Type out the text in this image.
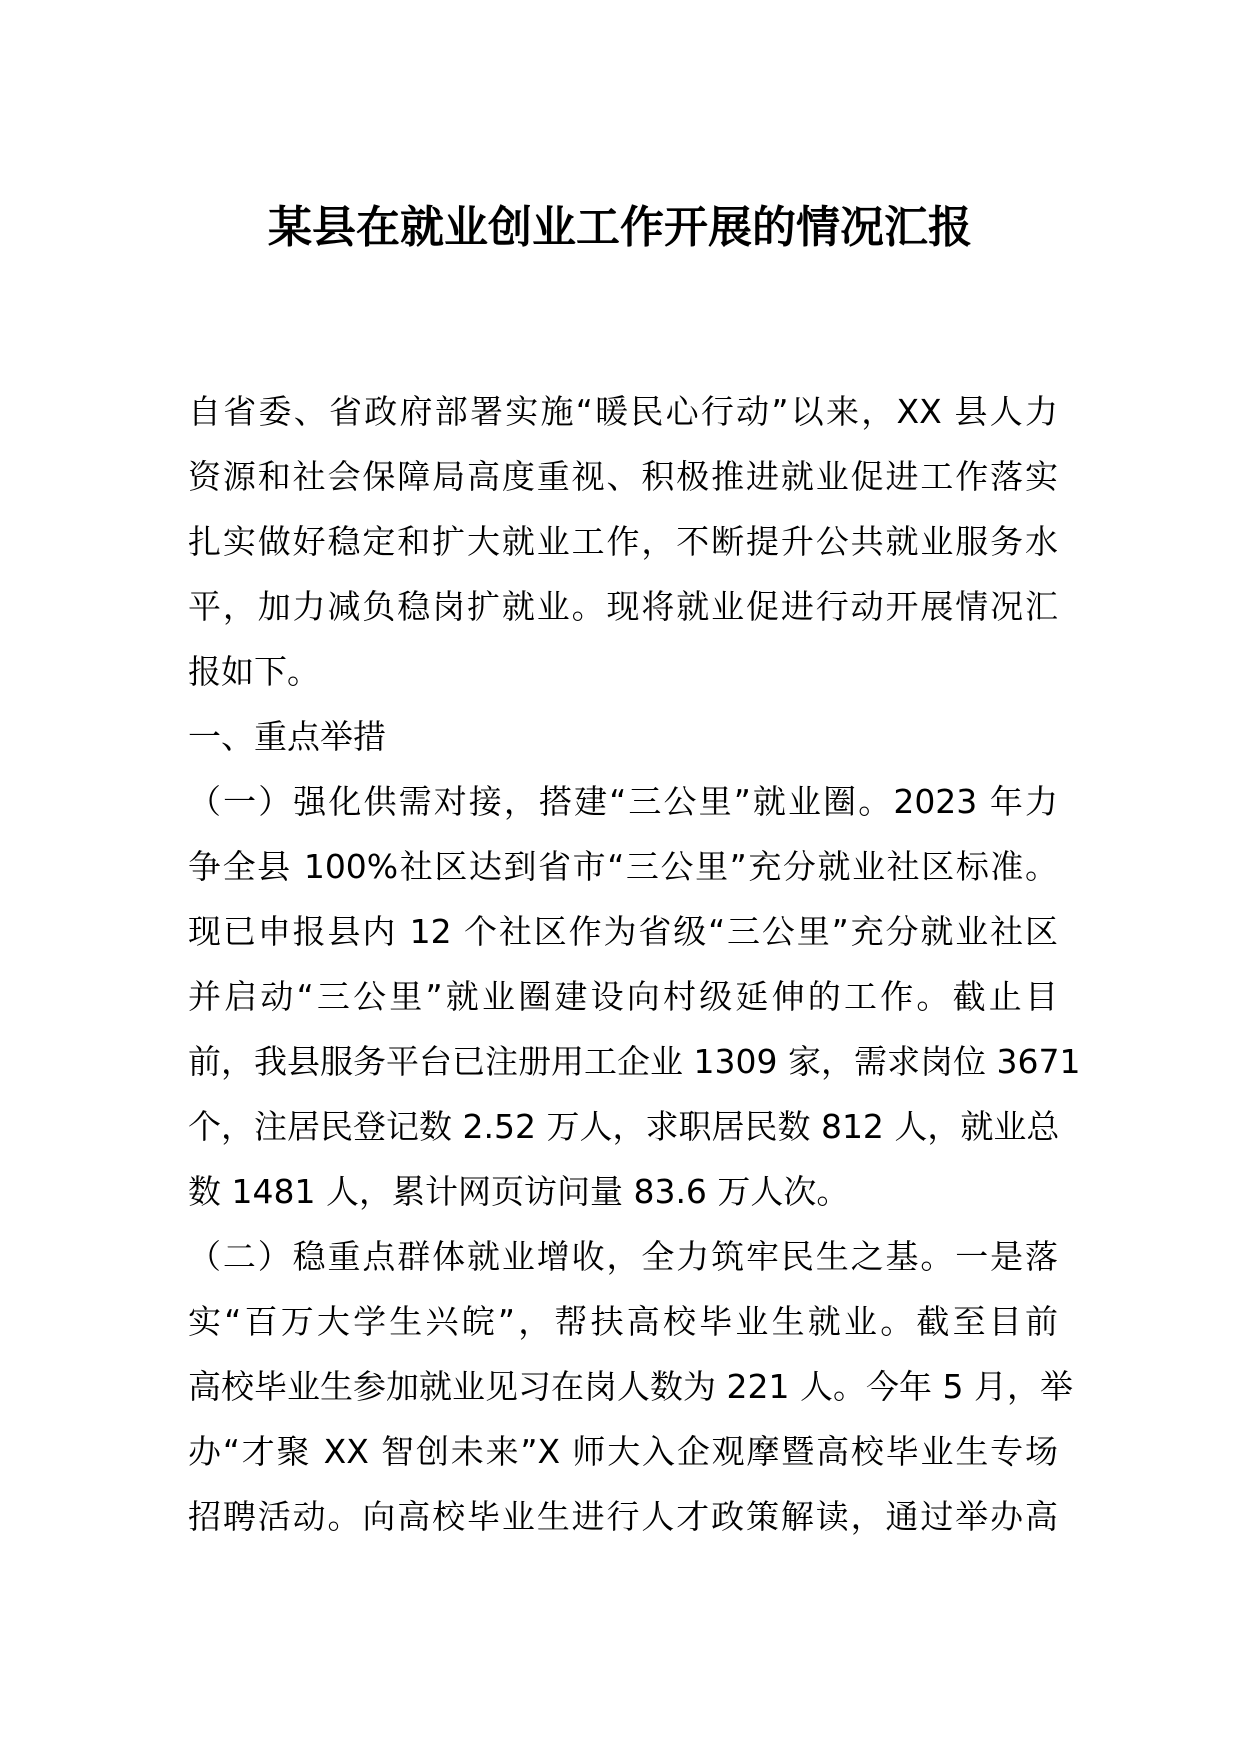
某县在就业创业工作开展的情况汇报
自省委、省政府部署实施“暖民心行动”以来，XX 县人力
资源和社会保障局高度重视、积极推进就业促进工作落实
扎实做好稳定和扩大就业工作，不断提升公共就业服务水
平，加力减负稳岗扩就业。现将就业促进行动开展情况汇
报如下。
一、重点举措
（一）强化供需对接，搭建“三公里”就业圈。2023 年力
争全县 100%社区达到省市“三公里”充分就业社区标准。
现已申报县内 12 个社区作为省级“三公里”充分就业社区
并启动“三公里”就业圈建设向村级延伸的工作。截止目
前，我县服务平台已注册用工企业 1309 家，需求岗位 3671
个，注居民登记数 2.52 万人，求职居民数 812 人，就业总
数 1481 人，累计网页访问量 83.6 万人次。
（二）稳重点群体就业增收，全力筑牢民生之基。一是落
实“百万大学生兴皖”，帮扶高校毕业生就业。截至目前
高校毕业生参加就业见习在岗人数为 221 人。今年 5 月，举
办“才聚 XX 智创未来”X 师大入企观摩暨高校毕业生专场
招聘活动。向高校毕业生进行人才政策解读，通过举办高
